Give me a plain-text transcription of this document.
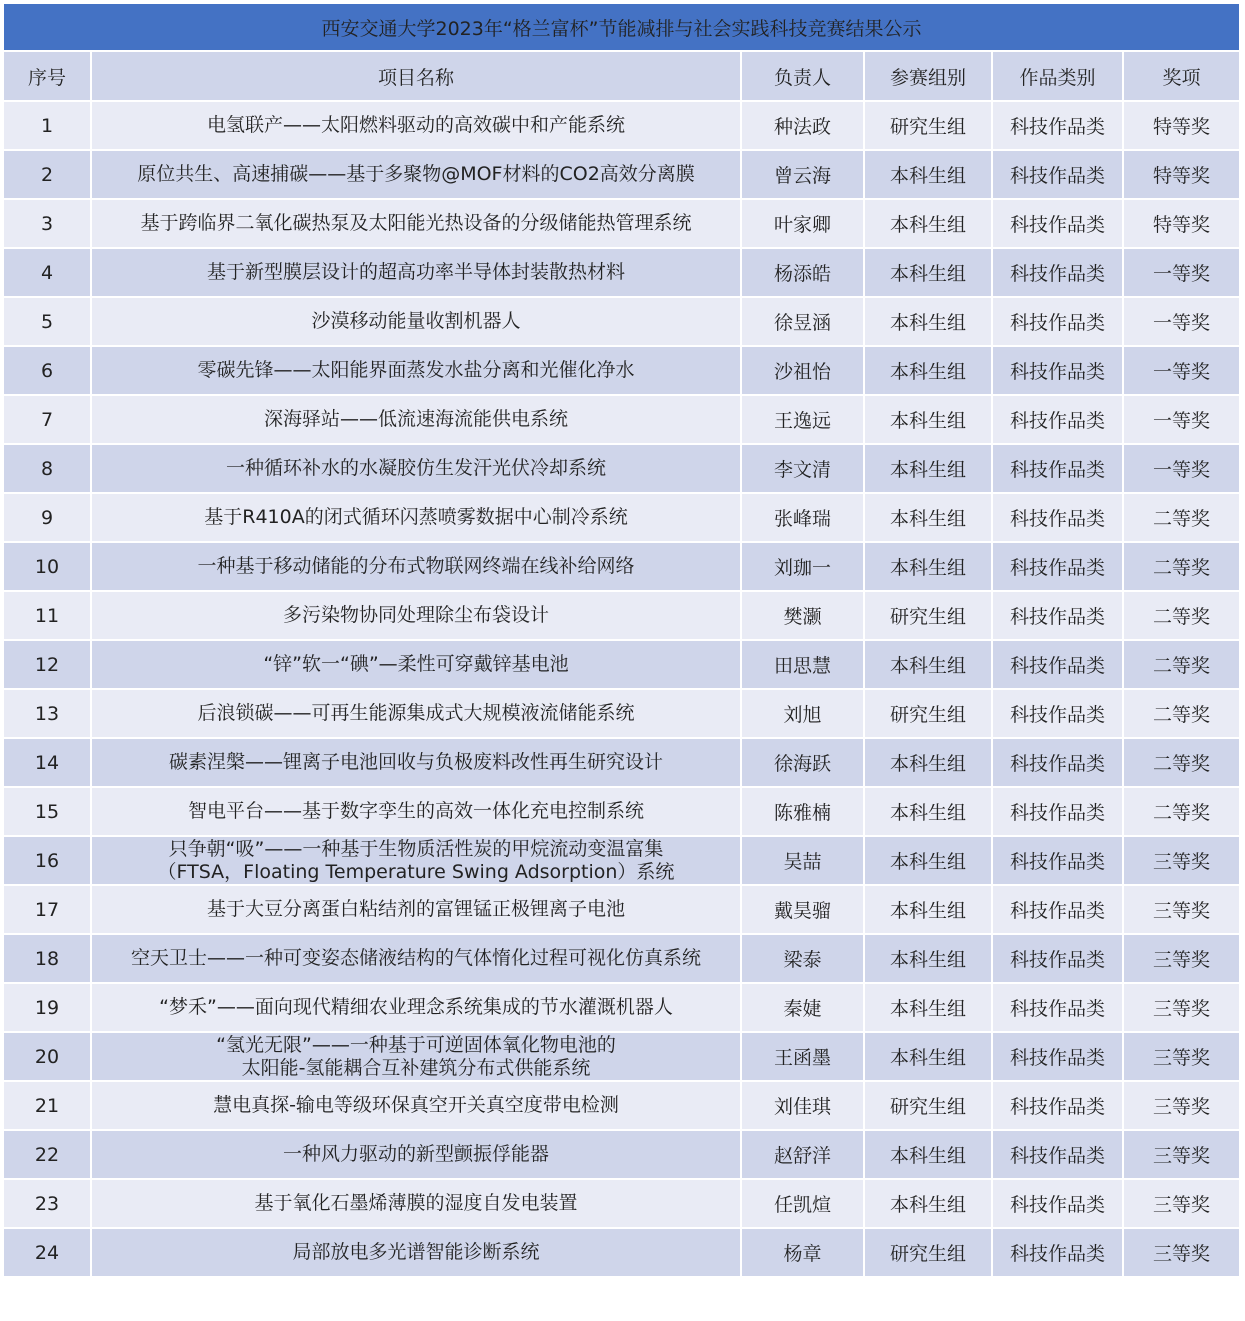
西安交通大学2023年“格兰富杯”节能减排与社会实践科技竞赛结果公示					
序号	项目名称	负责人	参赛组别	作品类别	奖项
1	电氢联产——太阳燃料驱动的高效碳中和产能系统	种法政	研究生组	科技作品类	特等奖
2	原位共生、高速捕碳——基于多聚物@MOF材料的CO2高效分离膜	曾云海	本科生组	科技作品类	特等奖
3	基于跨临界二氧化碳热泵及太阳能光热设备的分级储能热管理系统	叶家卿	本科生组	科技作品类	特等奖
4	基于新型膜层设计的超高功率半导体封装散热材料	杨添皓	本科生组	科技作品类	一等奖
5	沙漠移动能量收割机器人	徐昱涵	本科生组	科技作品类	一等奖
6	零碳先锋——太阳能界面蒸发水盐分离和光催化净水	沙祖怡	本科生组	科技作品类	一等奖
7	深海驿站——低流速海流能供电系统	王逸远	本科生组	科技作品类	一等奖
8	一种循环补水的水凝胶仿生发汗光伏冷却系统	李文清	本科生组	科技作品类	一等奖
9	基于R410A的闭式循环闪蒸喷雾数据中心制冷系统	张峰瑞	本科生组	科技作品类	二等奖
10	一种基于移动储能的分布式物联网终端在线补给网络	刘珈一	本科生组	科技作品类	二等奖
11	多污染物协同处理除尘布袋设计	樊灏	研究生组	科技作品类	二等奖
12	“锌”软一“碘”—柔性可穿戴锌基电池	田思慧	本科生组	科技作品类	二等奖
13	后浪锁碳——可再生能源集成式大规模液流储能系统	刘旭	研究生组	科技作品类	二等奖
14	碳素涅槃——锂离子电池回收与负极废料改性再生研究设计	徐海跃	本科生组	科技作品类	二等奖
15	智电平台——基于数字孪生的高效一体化充电控制系统	陈雅楠	本科生组	科技作品类	二等奖
16	只争朝“吸”——一种基于生物质活性炭的甲烷流动变温富集
（FTSA，Floating Temperature Swing Adsorption）系统	吴喆	本科生组	科技作品类	三等奖
17	基于大豆分离蛋白粘结剂的富锂锰正极锂离子电池	戴昊骝	本科生组	科技作品类	三等奖
18	空天卫士——一种可变姿态储液结构的气体惰化过程可视化仿真系统	梁泰	本科生组	科技作品类	三等奖
19	“梦禾”——面向现代精细农业理念系统集成的节水灌溉机器人	秦婕	本科生组	科技作品类	三等奖
20	“氢光无限”——一种基于可逆固体氧化物电池的
太阳能-氢能耦合互补建筑分布式供能系统	王函墨	本科生组	科技作品类	三等奖
21	慧电真探-输电等级环保真空开关真空度带电检测	刘佳琪	研究生组	科技作品类	三等奖
22	一种风力驱动的新型颤振俘能器	赵舒洋	本科生组	科技作品类	三等奖
23	基于氧化石墨烯薄膜的湿度自发电装置	任凯煊	本科生组	科技作品类	三等奖
24	局部放电多光谱智能诊断系统	杨章	研究生组	科技作品类	三等奖
